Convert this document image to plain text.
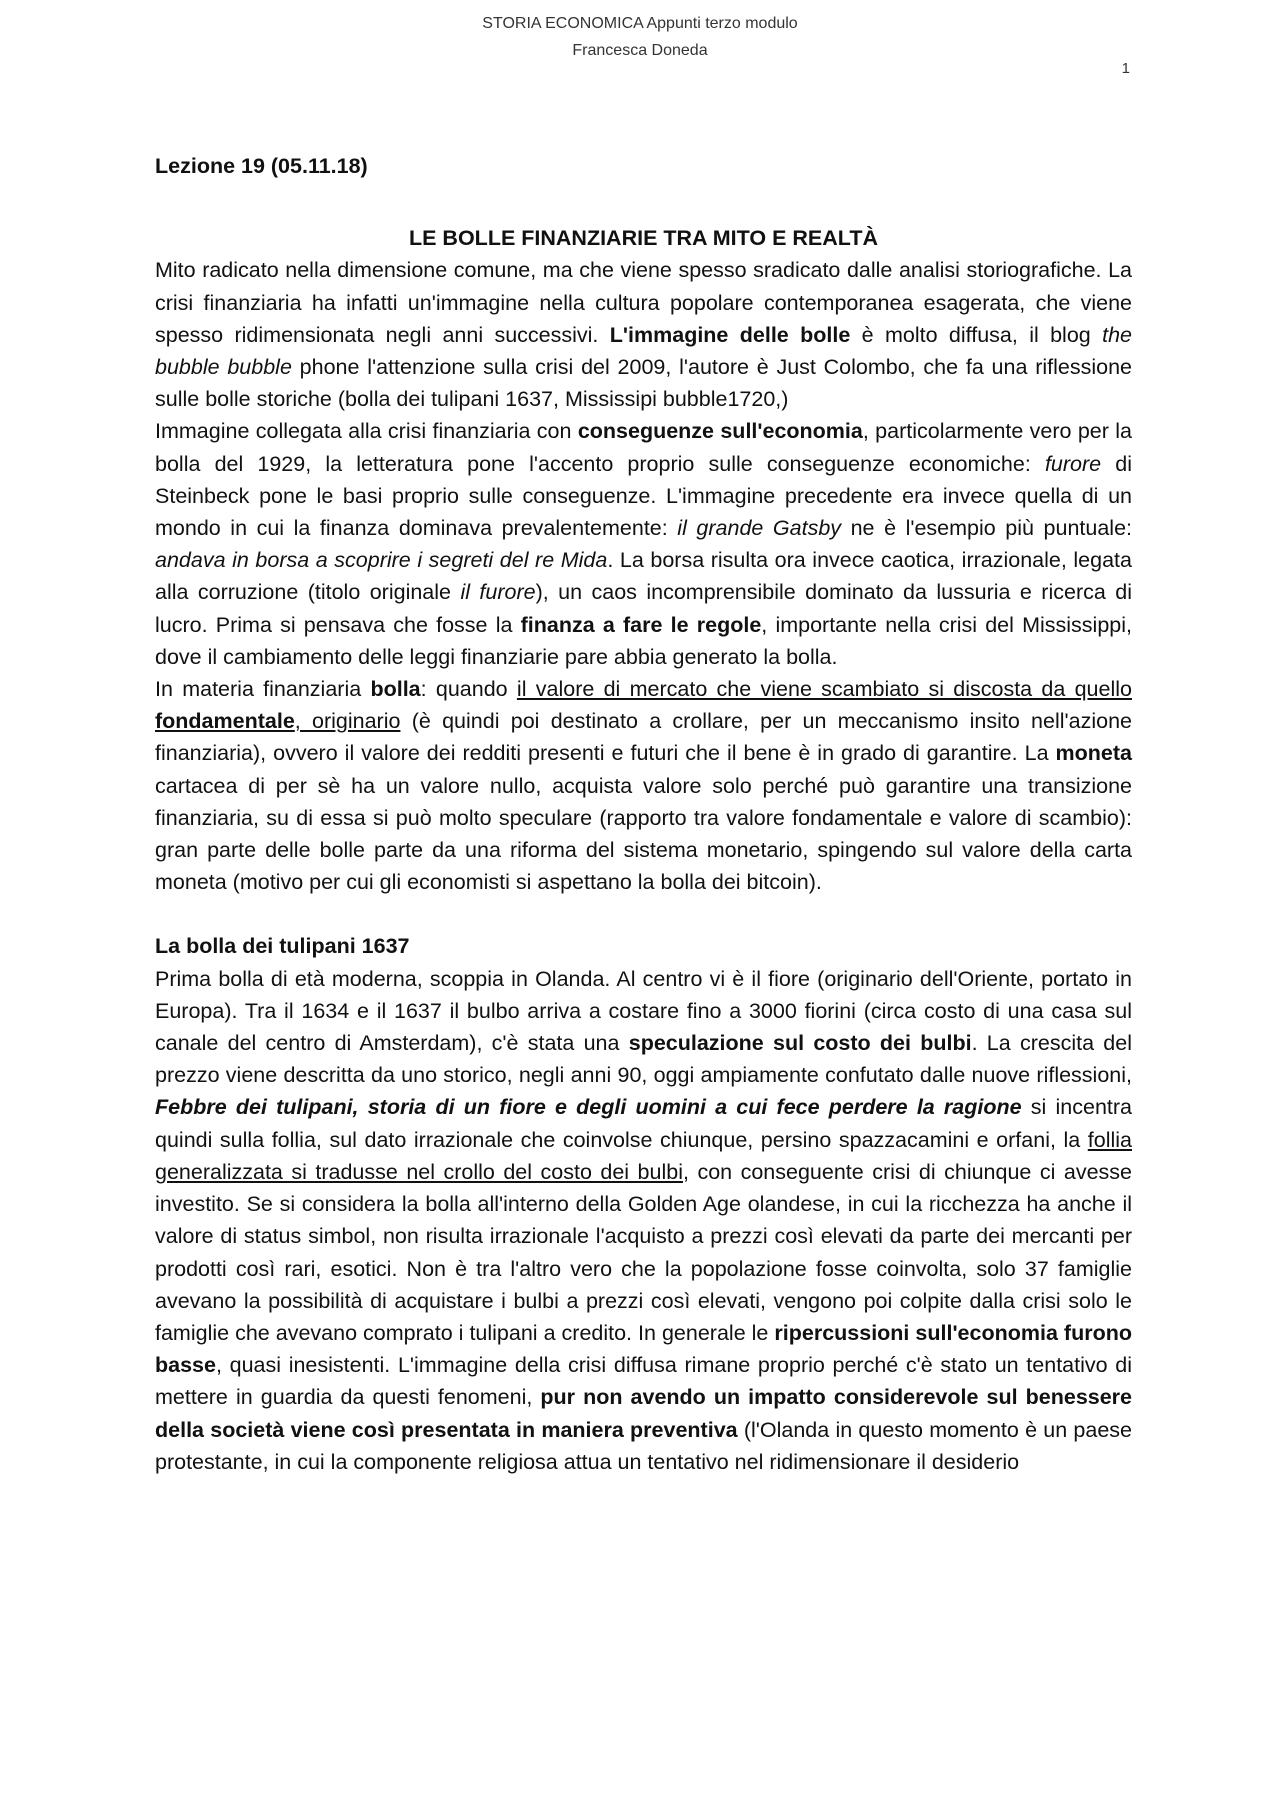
STORIA ECONOMICA Appunti terzo modulo
Francesca Doneda
1

Lezione 19 (05.11.18)

LE BOLLE FINANZIARIE TRA MITO E REALTÀ

Mito radicato nella dimensione comune, ma che viene spesso sradicato dalle analisi storiografiche. La crisi finanziaria ha infatti un'immagine nella cultura popolare contemporanea esagerata, che viene spesso ridimensionata negli anni successivi. L'immagine delle bolle è molto diffusa, il blog the bubble bubble phone l'attenzione sulla crisi del 2009, l'autore è Just Colombo, che fa una riflessione sulle bolle storiche (bolla dei tulipani 1637, Mississipi bubble1720,)

Immagine collegata alla crisi finanziaria con conseguenze sull'economia, particolarmente vero per la bolla del 1929, la letteratura pone l'accento proprio sulle conseguenze economiche: furore di Steinbeck pone le basi proprio sulle conseguenze. L'immagine precedente era invece quella di un mondo in cui la finanza dominava prevalentemente: il grande Gatsby ne è l'esempio più puntuale: andava in borsa a scoprire i segreti del re Mida. La borsa risulta ora invece caotica, irrazionale, legata alla corruzione (titolo originale il furore), un caos incomprensibile dominato da lussuria e ricerca di lucro. Prima si pensava che fosse la finanza a fare le regole, importante nella crisi del Mississippi, dove il cambiamento delle leggi finanziarie pare abbia generato la bolla.

In materia finanziaria bolla: quando il valore di mercato che viene scambiato si discosta da quello fondamentale, originario (è quindi poi destinato a crollare, per un meccanismo insito nell'azione finanziaria), ovvero il valore dei redditi presenti e futuri che il bene è in grado di garantire. La moneta cartacea di per sè ha un valore nullo, acquista valore solo perché può garantire una transizione finanziaria, su di essa si può molto speculare (rapporto tra valore fondamentale e valore di scambio): gran parte delle bolle parte da una riforma del sistema monetario, spingendo sul valore della carta moneta (motivo per cui gli economisti si aspettano la bolla dei bitcoin).

La bolla dei tulipani 1637

Prima bolla di età moderna, scoppia in Olanda. Al centro vi è il fiore (originario dell'Oriente, portato in Europa). Tra il 1634 e il 1637 il bulbo arriva a costare fino a 3000 fiorini (circa costo di una casa sul canale del centro di Amsterdam), c'è stata una speculazione sul costo dei bulbi. La crescita del prezzo viene descritta da uno storico, negli anni 90, oggi ampiamente confutato dalle nuove riflessioni, Febbre dei tulipani, storia di un fiore e degli uomini a cui fece perdere la ragione si incentra quindi sulla follia, sul dato irrazionale che coinvolse chiunque, persino spazzacamini e orfani, la follia generalizzata si tradusse nel crollo del costo dei bulbi, con conseguente crisi di chiunque ci avesse investito. Se si considera la bolla all'interno della Golden Age olandese, in cui la ricchezza ha anche il valore di status simbol, non risulta irrazionale l'acquisto a prezzi così elevati da parte dei mercanti per prodotti così rari, esotici. Non è tra l'altro vero che la popolazione fosse coinvolta, solo 37 famiglie avevano la possibilità di acquistare i bulbi a prezzi così elevati, vengono poi colpite dalla crisi solo le famiglie che avevano comprato i tulipani a credito. In generale le ripercussioni sull'economia furono basse, quasi inesistenti. L'immagine della crisi diffusa rimane proprio perché c'è stato un tentativo di mettere in guardia da questi fenomeni, pur non avendo un impatto considerevole sul benessere della società viene così presentata in maniera preventiva (l'Olanda in questo momento è un paese protestante, in cui la componente religiosa attua un tentativo nel ridimensionare il desiderio
